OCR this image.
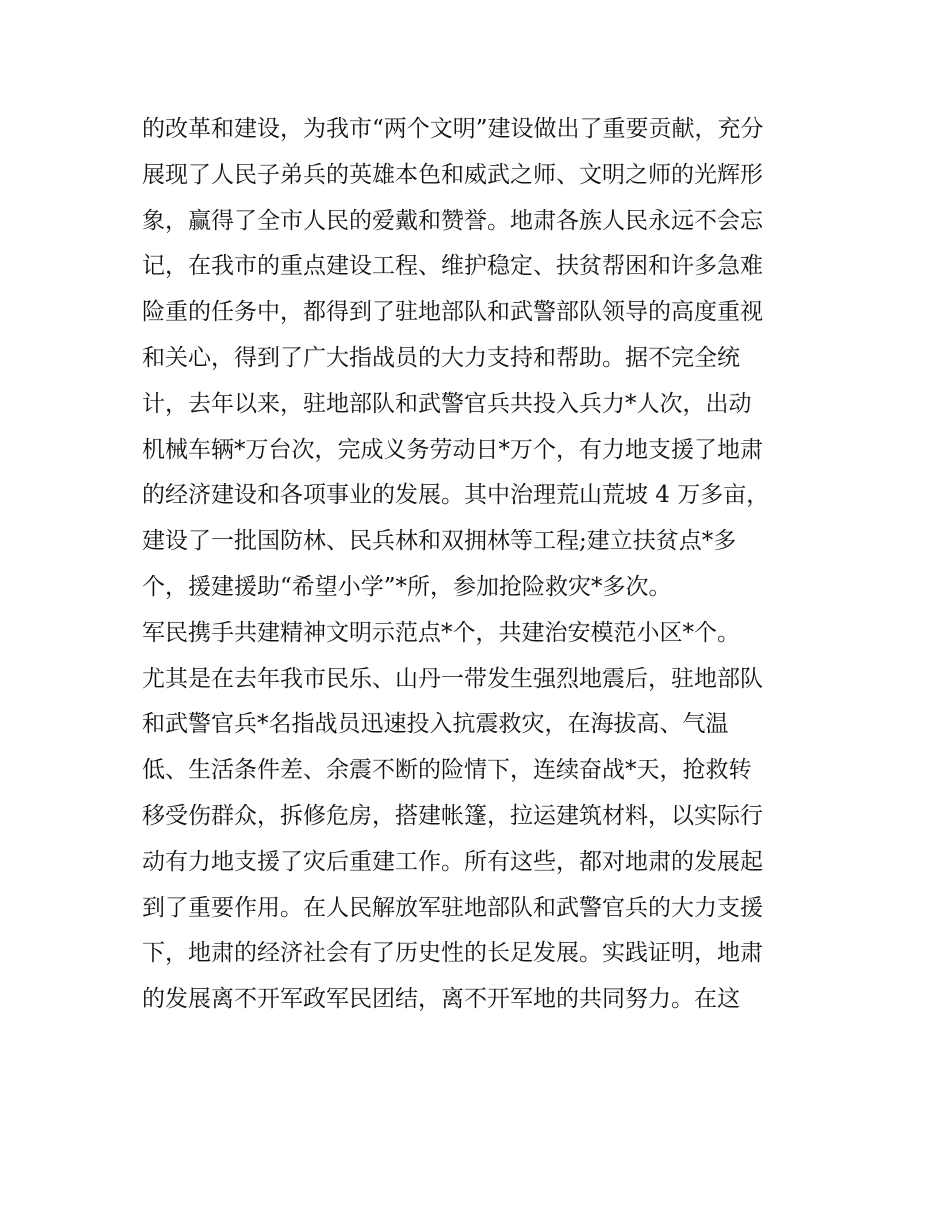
的改革和建设，为我市“两个文明”建设做出了重要贡献，充分
展现了人民子弟兵的英雄本色和威武之师、文明之师的光辉形
象，赢得了全市人民的爱戴和赞誉。地肃各族人民永远不会忘
记，在我市的重点建设工程、维护稳定、扶贫帮困和许多急难
险重的任务中，都得到了驻地部队和武警部队领导的高度重视
和关心，得到了广大指战员的大力支持和帮助。据不完全统
计，去年以来，驻地部队和武警官兵共投入兵力*人次，出动
机械车辆*万台次，完成义务劳动日*万个，有力地支援了地肃
的经济建设和各项事业的发展。其中治理荒山荒坡 4 万多亩，
建设了一批国防林、民兵林和双拥林等工程;建立扶贫点*多
个，援建援助“希望小学”*所，参加抢险救灾*多次。
军民携手共建精神文明示范点*个，共建治安模范小区*个。
尤其是在去年我市民乐、山丹一带发生强烈地震后，驻地部队
和武警官兵*名指战员迅速投入抗震救灾，在海拔高、气温
低、生活条件差、余震不断的险情下，连续奋战*天，抢救转
移受伤群众，拆修危房，搭建帐篷，拉运建筑材料，以实际行
动有力地支援了灾后重建工作。所有这些，都对地肃的发展起
到了重要作用。在人民解放军驻地部队和武警官兵的大力支援
下，地肃的经济社会有了历史性的长足发展。实践证明，地肃
的发展离不开军政军民团结，离不开军地的共同努力。在这
